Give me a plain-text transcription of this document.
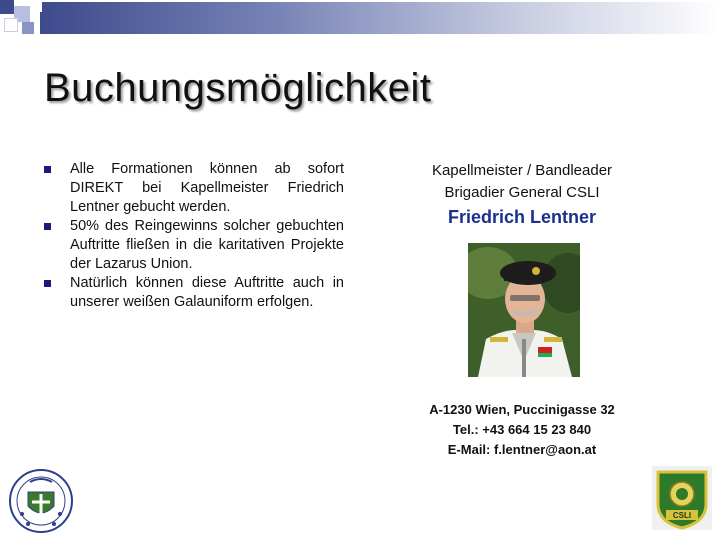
Buchungsmöglichkeit
Alle Formationen können ab sofort DIREKT bei Kapellmeister Friedrich Lentner gebucht werden.
50% des Reingewinns solcher gebuchten Auftritte fließen in die karitativen Projekte der Lazarus Union.
Natürlich können diese Auftritte auch in unserer weißen Galauniform erfolgen.
Kapellmeister / Bandleader
Brigadier General CSLI
Friedrich Lentner
A-1230 Wien, Puccinigasse 32
Tel.: +43 664 15 23 840
E-Mail: f.lentner@aon.at
CSLI
